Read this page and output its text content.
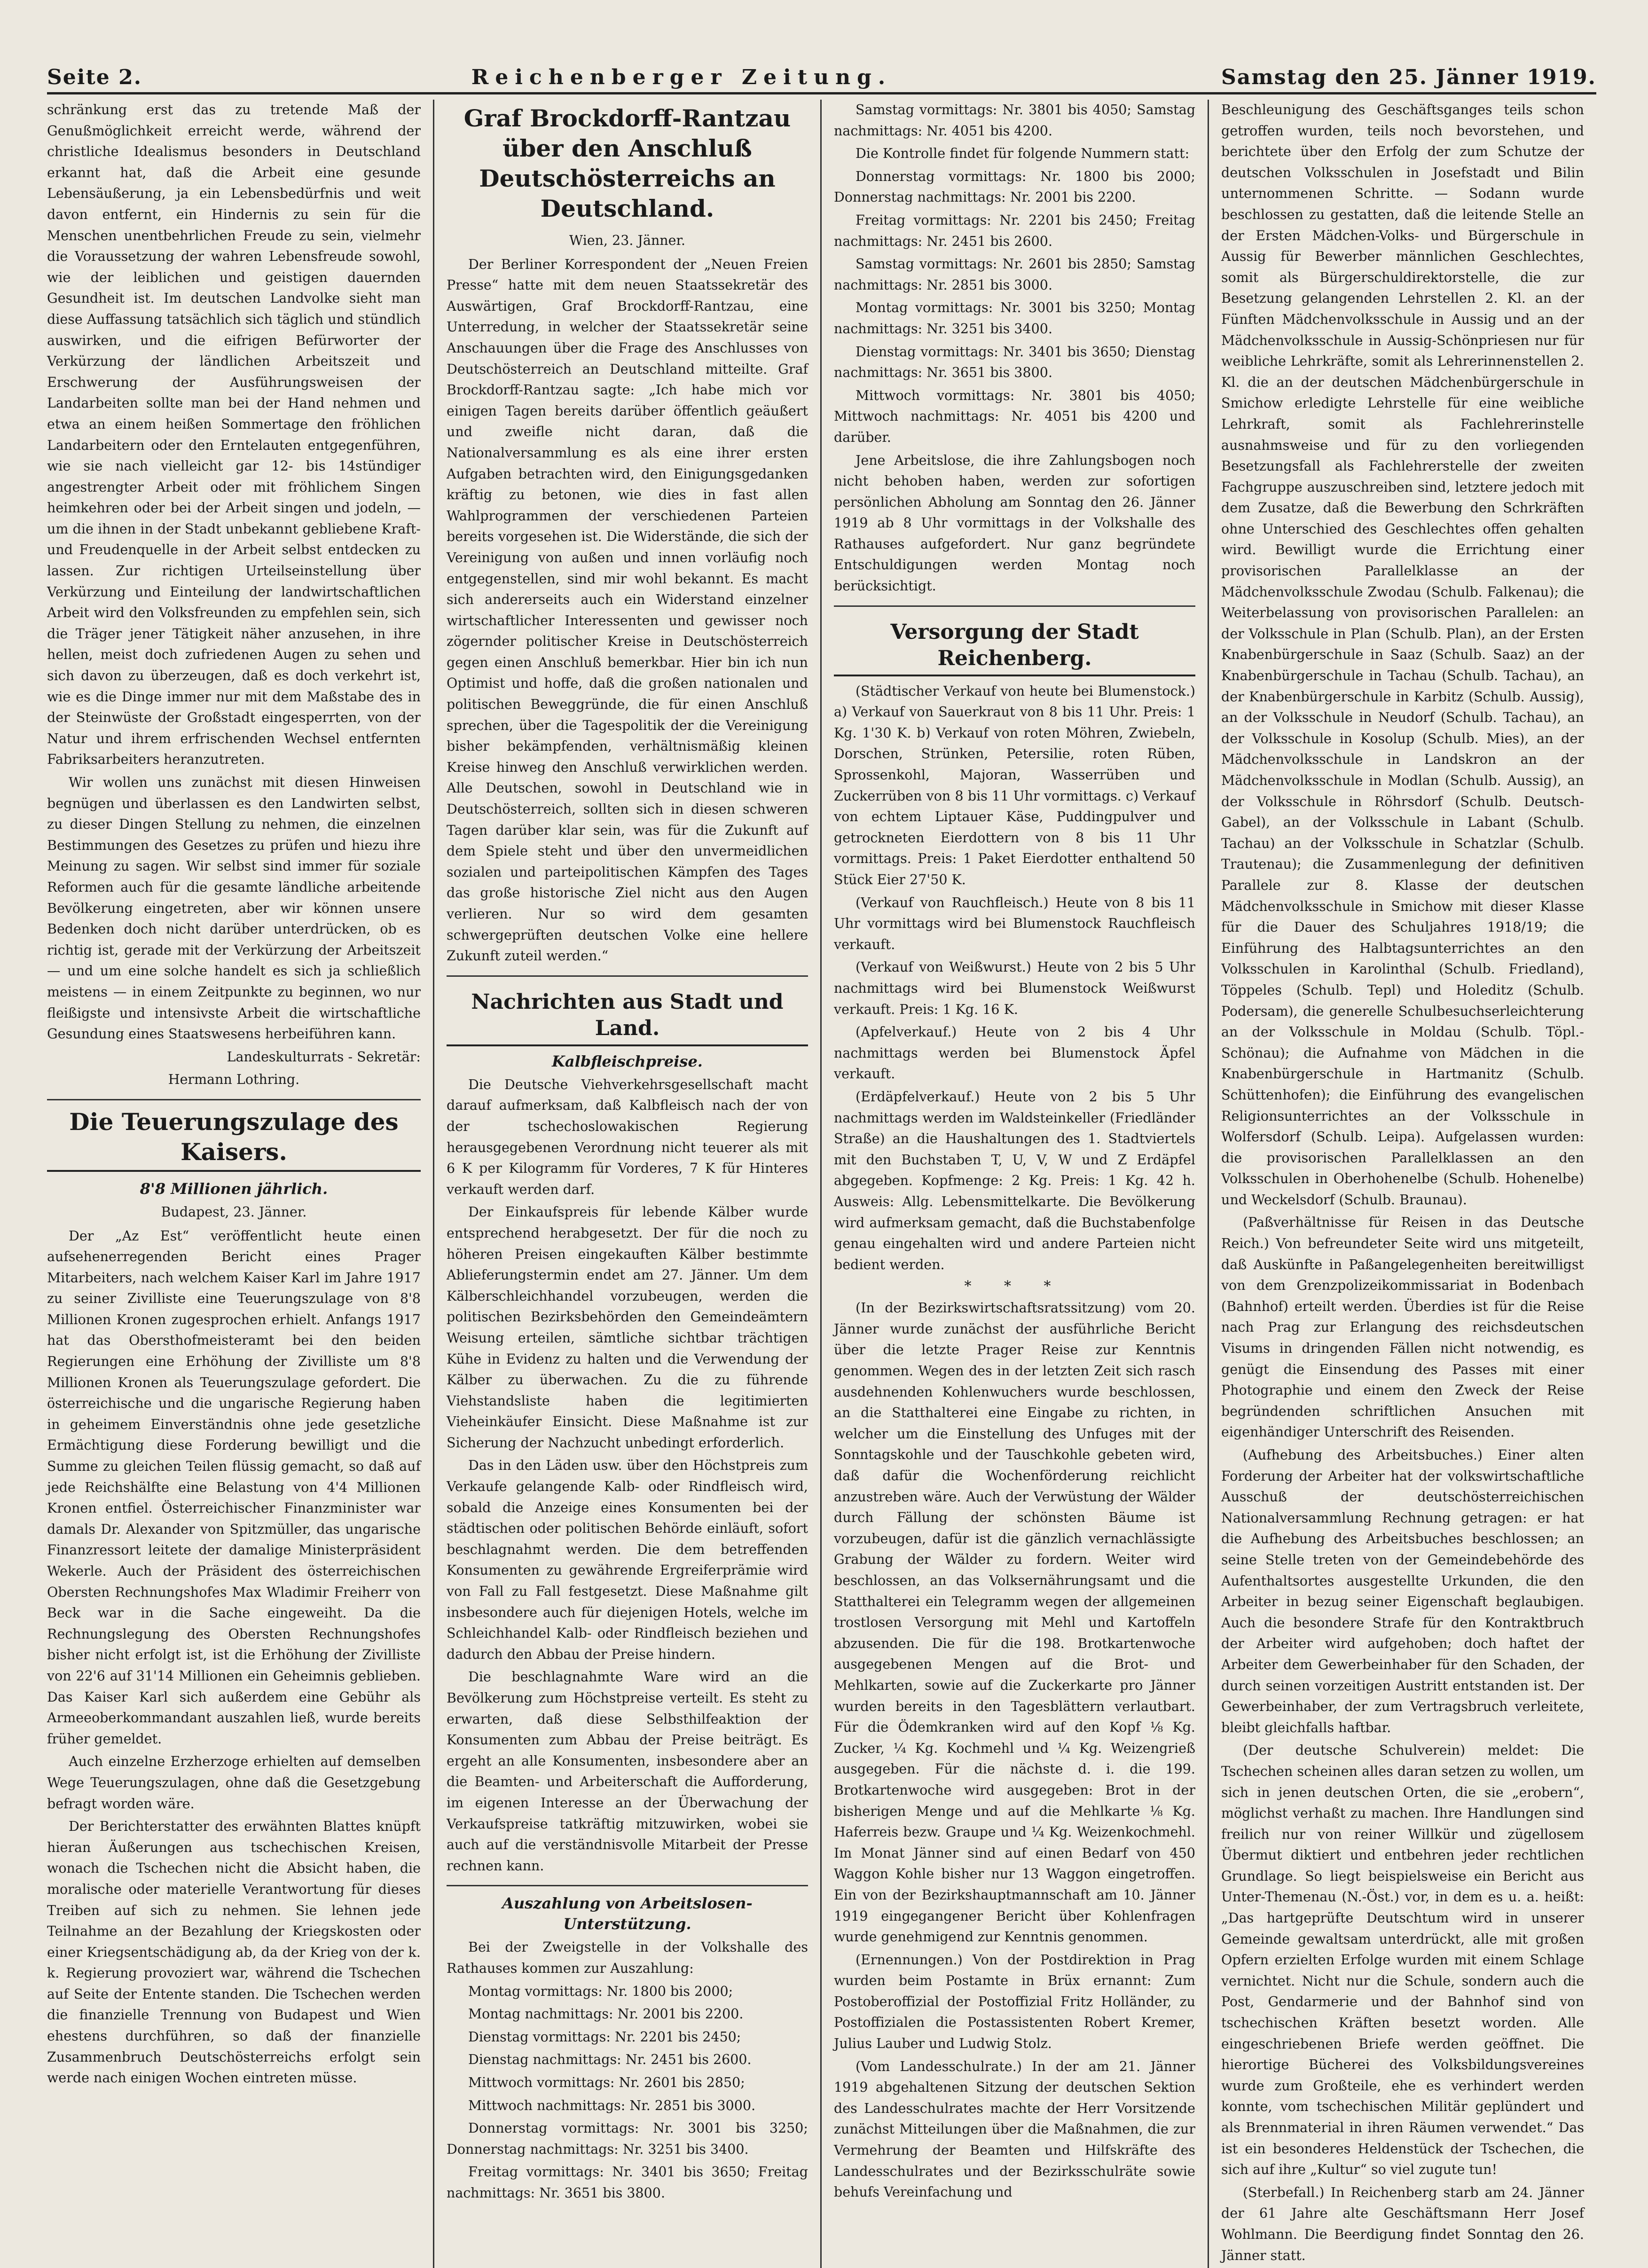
Seite 2.	Reichenberger Zeitung.	Samstag den 25. Jänner 1919.

schränkung erst das zu tretende Maß der Genußmöglichkeit erreicht werde, während der christliche Idealismus besonders in Deutschland erkannt hat, daß die Arbeit eine gesunde Lebensäußerung, ja ein Lebensbedürfnis und weit davon entfernt, ein Hindernis zu sein für die Menschen unentbehrlichen Freude zu sein, vielmehr die Voraussetzung der wahren Lebensfreude sowohl, wie der leiblichen und geistigen dauernden Gesundheit ist. Im deutschen Landvolke sieht man diese Auffassung tatsächlich sich täglich und stündlich auswirken, und die eifrigen Befürworter der Verkürzung der ländlichen Arbeitszeit und Erschwerung der Ausführungsweisen der Landarbeiten sollte man bei der Hand nehmen und etwa an einem heißen Sommertage den fröhlichen Landarbeitern oder den Erntelauten entgegenführen, wie sie nach vielleicht gar 12- bis 14stündiger angestrengter Arbeit oder mit fröhlichem Singen heimkehren oder bei der Arbeit singen und jodeln, — um die ihnen in der Stadt unbekannt gebliebene Kraft- und Freudenquelle in der Arbeit selbst entdecken zu lassen. Zur richtigen Urteilseinstellung über Verkürzung und Einteilung der landwirtschaftlichen Arbeit wird den Volksfreunden zu empfehlen sein, sich die Träger jener Tätigkeit näher anzusehen, in ihre hellen, meist doch zufriedenen Augen zu sehen und sich davon zu überzeugen, daß es doch verkehrt ist, wie es die Dinge immer nur mit dem Maßstabe des in der Steinwüste der Großstadt eingesperrten, von der Natur und ihrem erfrischenden Wechsel entfernten Fabriksarbeiters heranzutreten.

Wir wollen uns zunächst mit diesen Hinweisen begnügen und überlassen es den Landwirten selbst, zu dieser Dingen Stellung zu nehmen, die einzelnen Bestimmungen des Gesetzes zu prüfen und hiezu ihre Meinung zu sagen. Wir selbst sind immer für soziale Reformen auch für die gesamte ländliche arbeitende Bevölkerung eingetreten, aber wir können unsere Bedenken doch nicht darüber unterdrücken, ob es richtig ist, gerade mit der Verkürzung der Arbeitszeit — und um eine solche handelt es sich ja schließlich meistens — in einem Zeitpunkte zu beginnen, wo nur fleißigste und intensivste Arbeit die wirtschaftliche Gesundung eines Staatswesens herbeiführen kann.

Landeskulturrats - Sekretär:

Hermann Lothring.

Die Teuerungszulage des Kaisers.
8'8 Millionen jährlich.

Budapest, 23. Jänner.

Der „Az Est“ veröffentlicht heute einen aufsehenerregenden Bericht eines Prager Mitarbeiters, nach welchem Kaiser Karl im Jahre 1917 zu seiner Zivilliste eine Teuerungszulage von 8'8 Millionen Kronen zugesprochen erhielt. Anfangs 1917 hat das Obersthofmeisteramt bei den beiden Regierungen eine Erhöhung der Zivilliste um 8'8 Millionen Kronen als Teuerungszulage gefordert. Die österreichische und die ungarische Regierung haben in geheimem Einverständnis ohne jede gesetzliche Ermächtigung diese Forderung bewilligt und die Summe zu gleichen Teilen flüssig gemacht, so daß auf jede Reichshälfte eine Belastung von 4'4 Millionen Kronen entfiel. Österreichischer Finanzminister war damals Dr. Alexander von Spitzmüller, das ungarische Finanzressort leitete der damalige Ministerpräsident Wekerle. Auch der Präsident des österreichischen Obersten Rechnungshofes Max Wladimir Freiherr von Beck war in die Sache eingeweiht. Da die Rechnungslegung des Obersten Rechnungshofes bisher nicht erfolgt ist, ist die Erhöhung der Zivilliste von 22'6 auf 31'14 Millionen ein Geheimnis geblieben. Das Kaiser Karl sich außerdem eine Gebühr als Armeeoberkommandant auszahlen ließ, wurde bereits früher gemeldet.

Auch einzelne Erzherzoge erhielten auf demselben Wege Teuerungszulagen, ohne daß die Gesetzgebung befragt worden wäre.

Der Berichterstatter des erwähnten Blattes knüpft hieran Äußerungen aus tschechischen Kreisen, wonach die Tschechen nicht die Absicht haben, die moralische oder materielle Verantwortung für dieses Treiben auf sich zu nehmen. Sie lehnen jede Teilnahme an der Bezahlung der Kriegskosten oder einer Kriegsentschädigung ab, da der Krieg von der k. k. Regierung provoziert war, während die Tschechen auf Seite der Entente standen. Die Tschechen werden die finanzielle Trennung von Budapest und Wien ehestens durchführen, so daß der finanzielle Zusammenbruch Deutschösterreichs erfolgt sein werde nach einigen Wochen eintreten müsse.

Graf Brockdorff-Rantzau über den Anschluß Deutschösterreichs an Deutschland.

Wien, 23. Jänner.

Der Berliner Korrespondent der „Neuen Freien Presse“ hatte mit dem neuen Staatssekretär des Auswärtigen, Graf Brockdorff-Rantzau, eine Unterredung, in welcher der Staatssekretär seine Anschauungen über die Frage des Anschlusses von Deutschösterreich an Deutschland mitteilte. Graf Brockdorff-Rantzau sagte: „Ich habe mich vor einigen Tagen bereits darüber öffentlich geäußert und zweifle nicht daran, daß die Nationalversammlung es als eine ihrer ersten Aufgaben betrachten wird, den Einigungsgedanken kräftig zu betonen, wie dies in fast allen Wahlprogrammen der verschiedenen Parteien bereits vorgesehen ist. Die Widerstände, die sich der Vereinigung von außen und innen vorläufig noch entgegenstellen, sind mir wohl bekannt. Es macht sich andererseits auch ein Widerstand einzelner wirtschaftlicher Interessenten und gewisser noch zögernder politischer Kreise in Deutschösterreich gegen einen Anschluß bemerkbar. Hier bin ich nun Optimist und hoffe, daß die großen nationalen und politischen Beweggründe, die für einen Anschluß sprechen, über die Tagespolitik der die Vereinigung bisher bekämpfenden, verhältnismäßig kleinen Kreise hinweg den Anschluß verwirklichen werden. Alle Deutschen, sowohl in Deutschland wie in Deutschösterreich, sollten sich in diesen schweren Tagen darüber klar sein, was für die Zukunft auf dem Spiele steht und über den unvermeidlichen sozialen und parteipolitischen Kämpfen des Tages das große historische Ziel nicht aus den Augen verlieren. Nur so wird dem gesamten schwergeprüften deutschen Volke eine hellere Zukunft zuteil werden.“

Nachrichten aus Stadt und Land.
Kalbfleischpreise.

Die Deutsche Viehverkehrsgesellschaft macht darauf aufmerksam, daß Kalbfleisch nach der von der tschechoslowakischen Regierung herausgegebenen Verordnung nicht teuerer als mit 6 K per Kilogramm für Vorderes, 7 K für Hinteres verkauft werden darf.

Der Einkaufspreis für lebende Kälber wurde entsprechend herabgesetzt. Der für die noch zu höheren Preisen eingekauften Kälber bestimmte Ablieferungstermin endet am 27. Jänner. Um dem Kälberschleichhandel vorzubeugen, werden die politischen Bezirksbehörden den Gemeindeämtern Weisung erteilen, sämtliche sichtbar trächtigen Kühe in Evidenz zu halten und die Verwendung der Kälber zu überwachen. Zu die zu führende Viehstandsliste haben die legitimierten Vieheinkäufer Einsicht. Diese Maßnahme ist zur Sicherung der Nachzucht unbedingt erforderlich.

Das in den Läden usw. über den Höchstpreis zum Verkaufe gelangende Kalb- oder Rindfleisch wird, sobald die Anzeige eines Konsumenten bei der städtischen oder politischen Behörde einläuft, sofort beschlagnahmt werden. Die dem betreffenden Konsumenten zu gewährende Ergreiferprämie wird von Fall zu Fall festgesetzt. Diese Maßnahme gilt insbesondere auch für diejenigen Hotels, welche im Schleichhandel Kalb- oder Rindfleisch beziehen und dadurch den Abbau der Preise hindern.

Die beschlagnahmte Ware wird an die Bevölkerung zum Höchstpreise verteilt. Es steht zu erwarten, daß diese Selbsthilfeaktion der Konsumenten zum Abbau der Preise beiträgt. Es ergeht an alle Konsumenten, insbesondere aber an die Beamten- und Arbeiterschaft die Aufforderung, im eigenen Interesse an der Überwachung der Verkaufspreise tatkräftig mitzuwirken, wobei sie auch auf die verständnisvolle Mitarbeit der Presse rechnen kann.

Auszahlung von Arbeitslosen-Unterstützung.

Bei der Zweigstelle in der Volkshalle des Rathauses kommen zur Auszahlung:

Montag vormittags: Nr. 1800 bis 2000;

Montag nachmittags: Nr. 2001 bis 2200.

Dienstag vormittags: Nr. 2201 bis 2450;

Dienstag nachmittags: Nr. 2451 bis 2600.

Mittwoch vormittags: Nr. 2601 bis 2850;

Mittwoch nachmittags: Nr. 2851 bis 3000.

Donnerstag vormittags: Nr. 3001 bis 3250; Donnerstag nachmittags: Nr. 3251 bis 3400.

Freitag vormittags: Nr. 3401 bis 3650; Freitag nachmittags: Nr. 3651 bis 3800.

Samstag vormittags: Nr. 3801 bis 4050; Samstag nachmittags: Nr. 4051 bis 4200.

Die Kontrolle findet für folgende Nummern statt:

Donnerstag vormittags: Nr. 1800 bis 2000; Donnerstag nachmittags: Nr. 2001 bis 2200.

Freitag vormittags: Nr. 2201 bis 2450; Freitag nachmittags: Nr. 2451 bis 2600.

Samstag vormittags: Nr. 2601 bis 2850; Samstag nachmittags: Nr. 2851 bis 3000.

Montag vormittags: Nr. 3001 bis 3250; Montag nachmittags: Nr. 3251 bis 3400.

Dienstag vormittags: Nr. 3401 bis 3650; Dienstag nachmittags: Nr. 3651 bis 3800.

Mittwoch vormittags: Nr. 3801 bis 4050; Mittwoch nachmittags: Nr. 4051 bis 4200 und darüber.

Jene Arbeitslose, die ihre Zahlungsbogen noch nicht behoben haben, werden zur sofortigen persönlichen Abholung am Sonntag den 26. Jänner 1919 ab 8 Uhr vormittags in der Volkshalle des Rathauses aufgefordert. Nur ganz begründete Entschuldigungen werden Montag noch berücksichtigt.

Versorgung der Stadt Reichenberg.

(Städtischer Verkauf von heute bei Blumenstock.) a) Verkauf von Sauerkraut von 8 bis 11 Uhr. Preis: 1 Kg. 1'30 K. b) Verkauf von roten Möhren, Zwiebeln, Dorschen, Strünken, Petersilie, roten Rüben, Sprossenkohl, Majoran, Wasserrüben und Zuckerrüben von 8 bis 11 Uhr vormittags. c) Verkauf von echtem Liptauer Käse, Puddingpulver und getrockneten Eierdottern von 8 bis 11 Uhr vormittags. Preis: 1 Paket Eierdotter enthaltend 50 Stück Eier 27'50 K.

(Verkauf von Rauchfleisch.) Heute von 8 bis 11 Uhr vormittags wird bei Blumenstock Rauchfleisch verkauft.

(Verkauf von Weißwurst.) Heute von 2 bis 5 Uhr nachmittags wird bei Blumenstock Weißwurst verkauft. Preis: 1 Kg. 16 K.

(Apfelverkauf.) Heute von 2 bis 4 Uhr nachmittags werden bei Blumenstock Äpfel verkauft.

(Erdäpfelverkauf.) Heute von 2 bis 5 Uhr nachmittags werden im Waldsteinkeller (Friedländer Straße) an die Haushaltungen des 1. Stadtviertels mit den Buchstaben T, U, V, W und Z Erdäpfel abgegeben. Kopfmenge: 2 Kg. Preis: 1 Kg. 42 h. Ausweis: Allg. Lebensmittelkarte. Die Bevölkerung wird aufmerksam gemacht, daß die Buchstabenfolge genau eingehalten wird und andere Parteien nicht bedient werden.

* * *

(In der Bezirkswirtschaftsratssitzung) vom 20. Jänner wurde zunächst der ausführliche Bericht über die letzte Prager Reise zur Kenntnis genommen. Wegen des in der letzten Zeit sich rasch ausdehnenden Kohlenwuchers wurde beschlossen, an die Statthalterei eine Eingabe zu richten, in welcher um die Einstellung des Unfuges mit der Sonntagskohle und der Tauschkohle gebeten wird, daß dafür die Wochenförderung reichlicht anzustreben wäre. Auch der Verwüstung der Wälder durch Fällung der schönsten Bäume ist vorzubeugen, dafür ist die gänzlich vernachlässigte Grabung der Wälder zu fordern. Weiter wird beschlossen, an das Volksernährungsamt und die Statthalterei ein Telegramm wegen der allgemeinen trostlosen Versorgung mit Mehl und Kartoffeln abzusenden. Die für die 198. Brotkartenwoche ausgegebenen Mengen auf die Brot- und Mehlkarten, sowie auf die Zuckerkarte pro Jänner wurden bereits in den Tagesblättern verlautbart. Für die Ödemkranken wird auf den Kopf ⅛ Kg. Zucker, ¼ Kg. Kochmehl und ¼ Kg. Weizengrieß ausgegeben. Für die nächste d. i. die 199. Brotkartenwoche wird ausgegeben: Brot in der bisherigen Menge und auf die Mehlkarte ⅛ Kg. Haferreis bezw. Graupe und ¼ Kg. Weizenkochmehl. Im Monat Jänner sind auf einen Bedarf von 450 Waggon Kohle bisher nur 13 Waggon eingetroffen. Ein von der Bezirkshauptmannschaft am 10. Jänner 1919 eingegangener Bericht über Kohlenfragen wurde genehmigend zur Kenntnis genommen.

(Ernennungen.) Von der Postdirektion in Prag wurden beim Postamte in Brüx ernannt: Zum Postoberoffizial der Postoffizial Fritz Holländer, zu Postoffizialen die Postassistenten Robert Kremer, Julius Lauber und Ludwig Stolz.

(Vom Landesschulrate.) In der am 21. Jänner 1919 abgehaltenen Sitzung der deutschen Sektion des Landesschulrates machte der Herr Vorsitzende zunächst Mitteilungen über die Maßnahmen, die zur Vermehrung der Beamten und Hilfskräfte des Landesschulrates und der Bezirksschulräte sowie behufs Vereinfachung und

Beschleunigung des Geschäftsganges teils schon getroffen wurden, teils noch bevorstehen, und berichtete über den Erfolg der zum Schutze der deutschen Volksschulen in Josefstadt und Bilin unternommenen Schritte. — Sodann wurde beschlossen zu gestatten, daß die leitende Stelle an der Ersten Mädchen-Volks- und Bürgerschule in Aussig für Bewerber männlichen Geschlechtes, somit als Bürgerschuldirektorstelle, die zur Besetzung gelangenden Lehrstellen 2. Kl. an der Fünften Mädchenvolksschule in Aussig und an der Mädchenvolksschule in Aussig-Schönpriesen nur für weibliche Lehrkräfte, somit als Lehrerinnenstellen 2. Kl. die an der deutschen Mädchenbürgerschule in Smichow erledigte Lehrstelle für eine weibliche Lehrkraft, somit als Fachlehrerinstelle ausnahmsweise und für zu den vorliegenden Besetzungsfall als Fachlehrerstelle der zweiten Fachgruppe auszuschreiben sind, letztere jedoch mit dem Zusatze, daß die Bewerbung den Schrkräften ohne Unterschied des Geschlechtes offen gehalten wird. Bewilligt wurde die Errichtung einer provisorischen Parallelklasse an der Mädchenvolksschule Zwodau (Schulb. Falkenau); die Weiterbelassung von provisorischen Parallelen: an der Volksschule in Plan (Schulb. Plan), an der Ersten Knabenbürgerschule in Saaz (Schulb. Saaz) an der Knabenbürgerschule in Tachau (Schulb. Tachau), an der Knabenbürgerschule in Karbitz (Schulb. Aussig), an der Volksschule in Neudorf (Schulb. Tachau), an der Volksschule in Kosolup (Schulb. Mies), an der Mädchenvolksschule in Landskron an der Mädchenvolksschule in Modlan (Schulb. Aussig), an der Volksschule in Röhrsdorf (Schulb. Deutsch-Gabel), an der Volksschule in Labant (Schulb. Tachau) an der Volksschule in Schatzlar (Schulb. Trautenau); die Zusammenlegung der definitiven Parallele zur 8. Klasse der deutschen Mädchenvolksschule in Smichow mit dieser Klasse für die Dauer des Schuljahres 1918/19; die Einführung des Halbtagsunterrichtes an den Volksschulen in Karolinthal (Schulb. Friedland), Töppeles (Schulb. Tepl) und Holeditz (Schulb. Podersam), die generelle Schulbesuchserleichterung an der Volksschule in Moldau (Schulb. Töpl.-Schönau); die Aufnahme von Mädchen in die Knabenbürgerschule in Hartmanitz (Schulb. Schüttenhofen); die Einführung des evangelischen Religionsunterrichtes an der Volksschule in Wolfersdorf (Schulb. Leipa). Aufgelassen wurden: die provisorischen Parallelklassen an den Volksschulen in Oberhohenelbe (Schulb. Hohenelbe) und Weckelsdorf (Schulb. Braunau).

(Paßverhältnisse für Reisen in das Deutsche Reich.) Von befreundeter Seite wird uns mitgeteilt, daß Auskünfte in Paßangelegenheiten bereitwilligst von dem Grenzpolizeikommissariat in Bodenbach (Bahnhof) erteilt werden. Überdies ist für die Reise nach Prag zur Erlangung des reichsdeutschen Visums in dringenden Fällen nicht notwendig, es genügt die Einsendung des Passes mit einer Photographie und einem den Zweck der Reise begründenden schriftlichen Ansuchen mit eigenhändiger Unterschrift des Reisenden.

(Aufhebung des Arbeitsbuches.) Einer alten Forderung der Arbeiter hat der volkswirtschaftliche Ausschuß der deutschösterreichischen Nationalversammlung Rechnung getragen: er hat die Aufhebung des Arbeitsbuches beschlossen; an seine Stelle treten von der Gemeindebehörde des Aufenthaltsortes ausgestellte Urkunden, die den Arbeiter in bezug seiner Eigenschaft beglaubigen. Auch die besondere Strafe für den Kontraktbruch der Arbeiter wird aufgehoben; doch haftet der Arbeiter dem Gewerbeinhaber für den Schaden, der durch seinen vorzeitigen Austritt entstanden ist. Der Gewerbeinhaber, der zum Vertragsbruch verleitete, bleibt gleichfalls haftbar.

(Der deutsche Schulverein) meldet: Die Tschechen scheinen alles daran setzen zu wollen, um sich in jenen deutschen Orten, die sie „erobern“, möglichst verhaßt zu machen. Ihre Handlungen sind freilich nur von reiner Willkür und zügellosem Übermut diktiert und entbehren jeder rechtlichen Grundlage. So liegt beispielsweise ein Bericht aus Unter-Themenau (N.-Öst.) vor, in dem es u. a. heißt: „Das hartgeprüfte Deutschtum wird in unserer Gemeinde gewaltsam unterdrückt, alle mit großen Opfern erzielten Erfolge wurden mit einem Schlage vernichtet. Nicht nur die Schule, sondern auch die Post, Gendarmerie und der Bahnhof sind von tschechischen Kräften besetzt worden. Alle eingeschriebenen Briefe werden geöffnet. Die hierortige Bücherei des Volksbildungsvereines wurde zum Großteile, ehe es verhindert werden konnte, vom tschechischen Militär geplündert und als Brennmaterial in ihren Räumen verwendet.“ Das ist ein besonderes Heldenstück der Tschechen, die sich auf ihre „Kultur“ so viel zugute tun!

(Sterbefall.) In Reichenberg starb am 24. Jänner der 61 Jahre alte Geschäftsmann Herr Josef Wohlmann. Die Beerdigung findet Sonntag den 26. Jänner statt.
